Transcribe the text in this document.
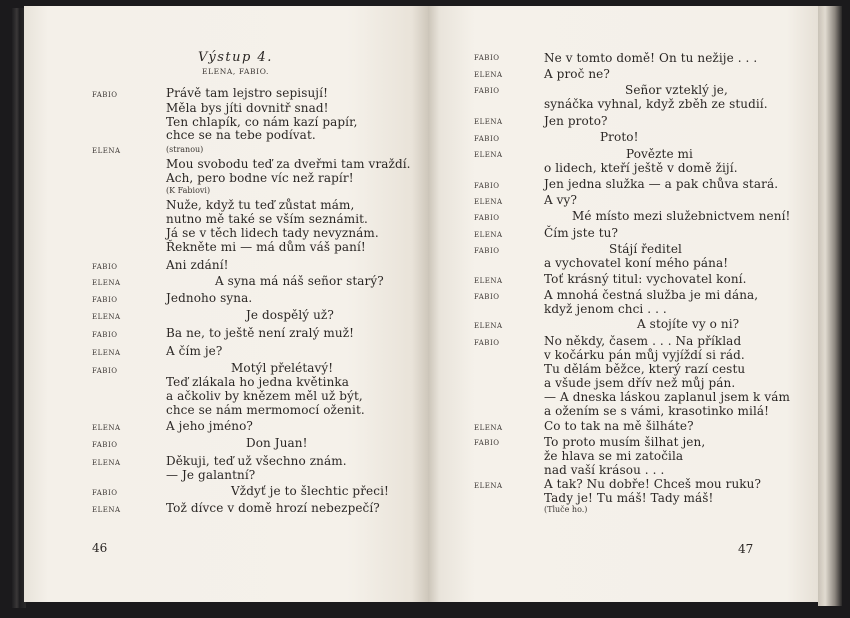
Výstup 4.
ELENA, FABIO.
FABIO	Právě tam lejstro sepisují!
Měla bys jíti dovnitř snad!
Ten chlapík, co nám kazí papír,
chce se na tebe podívat.
ELENA	(stranou)
Mou svobodu teď za dveřmi tam vraždí.
Ach, pero bodne víc než rapír!
(K Fabiovi)
Nuže, když tu teď zůstat mám,
nutno mě také se vším seznámit.
Já se v těch lidech tady nevyznám.
Řekněte mi — má dům váš paní!
FABIO	Ani zdání!
ELENA	A syna má náš señor starý?
FABIO	Jednoho syna.
ELENA	Je dospělý už?
FABIO	Ba ne, to ještě není zralý muž!
ELENA	A čím je?
FABIO	Motýl přelétavý!
Teď zlákala ho jedna květinka
a ačkoliv by knězem měl už být,
chce se nám mermomocí oženit.
ELENA	A jeho jméno?
FABIO	Don Juan!
ELENA	Děkuji, teď už všechno znám.
— Je galantní?
FABIO	Vždyť je to šlechtic přeci!
ELENA	Tož dívce v domě hrozí nebezpečí?
46
FABIO	Ne v tomto domě! On tu nežije . . .
ELENA	A proč ne?
FABIO	Señor vzteklý je,
synáčka vyhnal, když zběh ze studií.
ELENA	Jen proto?
FABIO	Proto!
ELENA	Povězte mi
o lidech, kteří ještě v domě žijí.
FABIO	Jen jedna služka — a pak chůva stará.
ELENA	A vy?
FABIO	Mé místo mezi služebnictvem není!
ELENA	Čím jste tu?
FABIO	Stájí ředitel
a vychovatel koní mého pána!
ELENA	Toť krásný titul: vychovatel koní.
FABIO	A mnohá čestná služba je mi dána,
když jenom chci . . .
ELENA	A stojíte vy o ni?
FABIO	No někdy, časem . . . Na příklad
v kočárku pán můj vyjíždí si rád.
Tu dělám běžce, který razí cestu
a všude jsem dřív než můj pán.
— A dneska láskou zaplanul jsem k vám
a ožením se s vámi, krasotinko milá!
ELENA	Co to tak na mě šilháte?
FABIO	To proto musím šilhat jen,
že hlava se mi zatočila
nad vaší krásou . . .
ELENA	A tak? Nu dobře! Chceš mou ruku?
Tady je! Tu máš! Tady máš!
(Tluče ho.)
47
